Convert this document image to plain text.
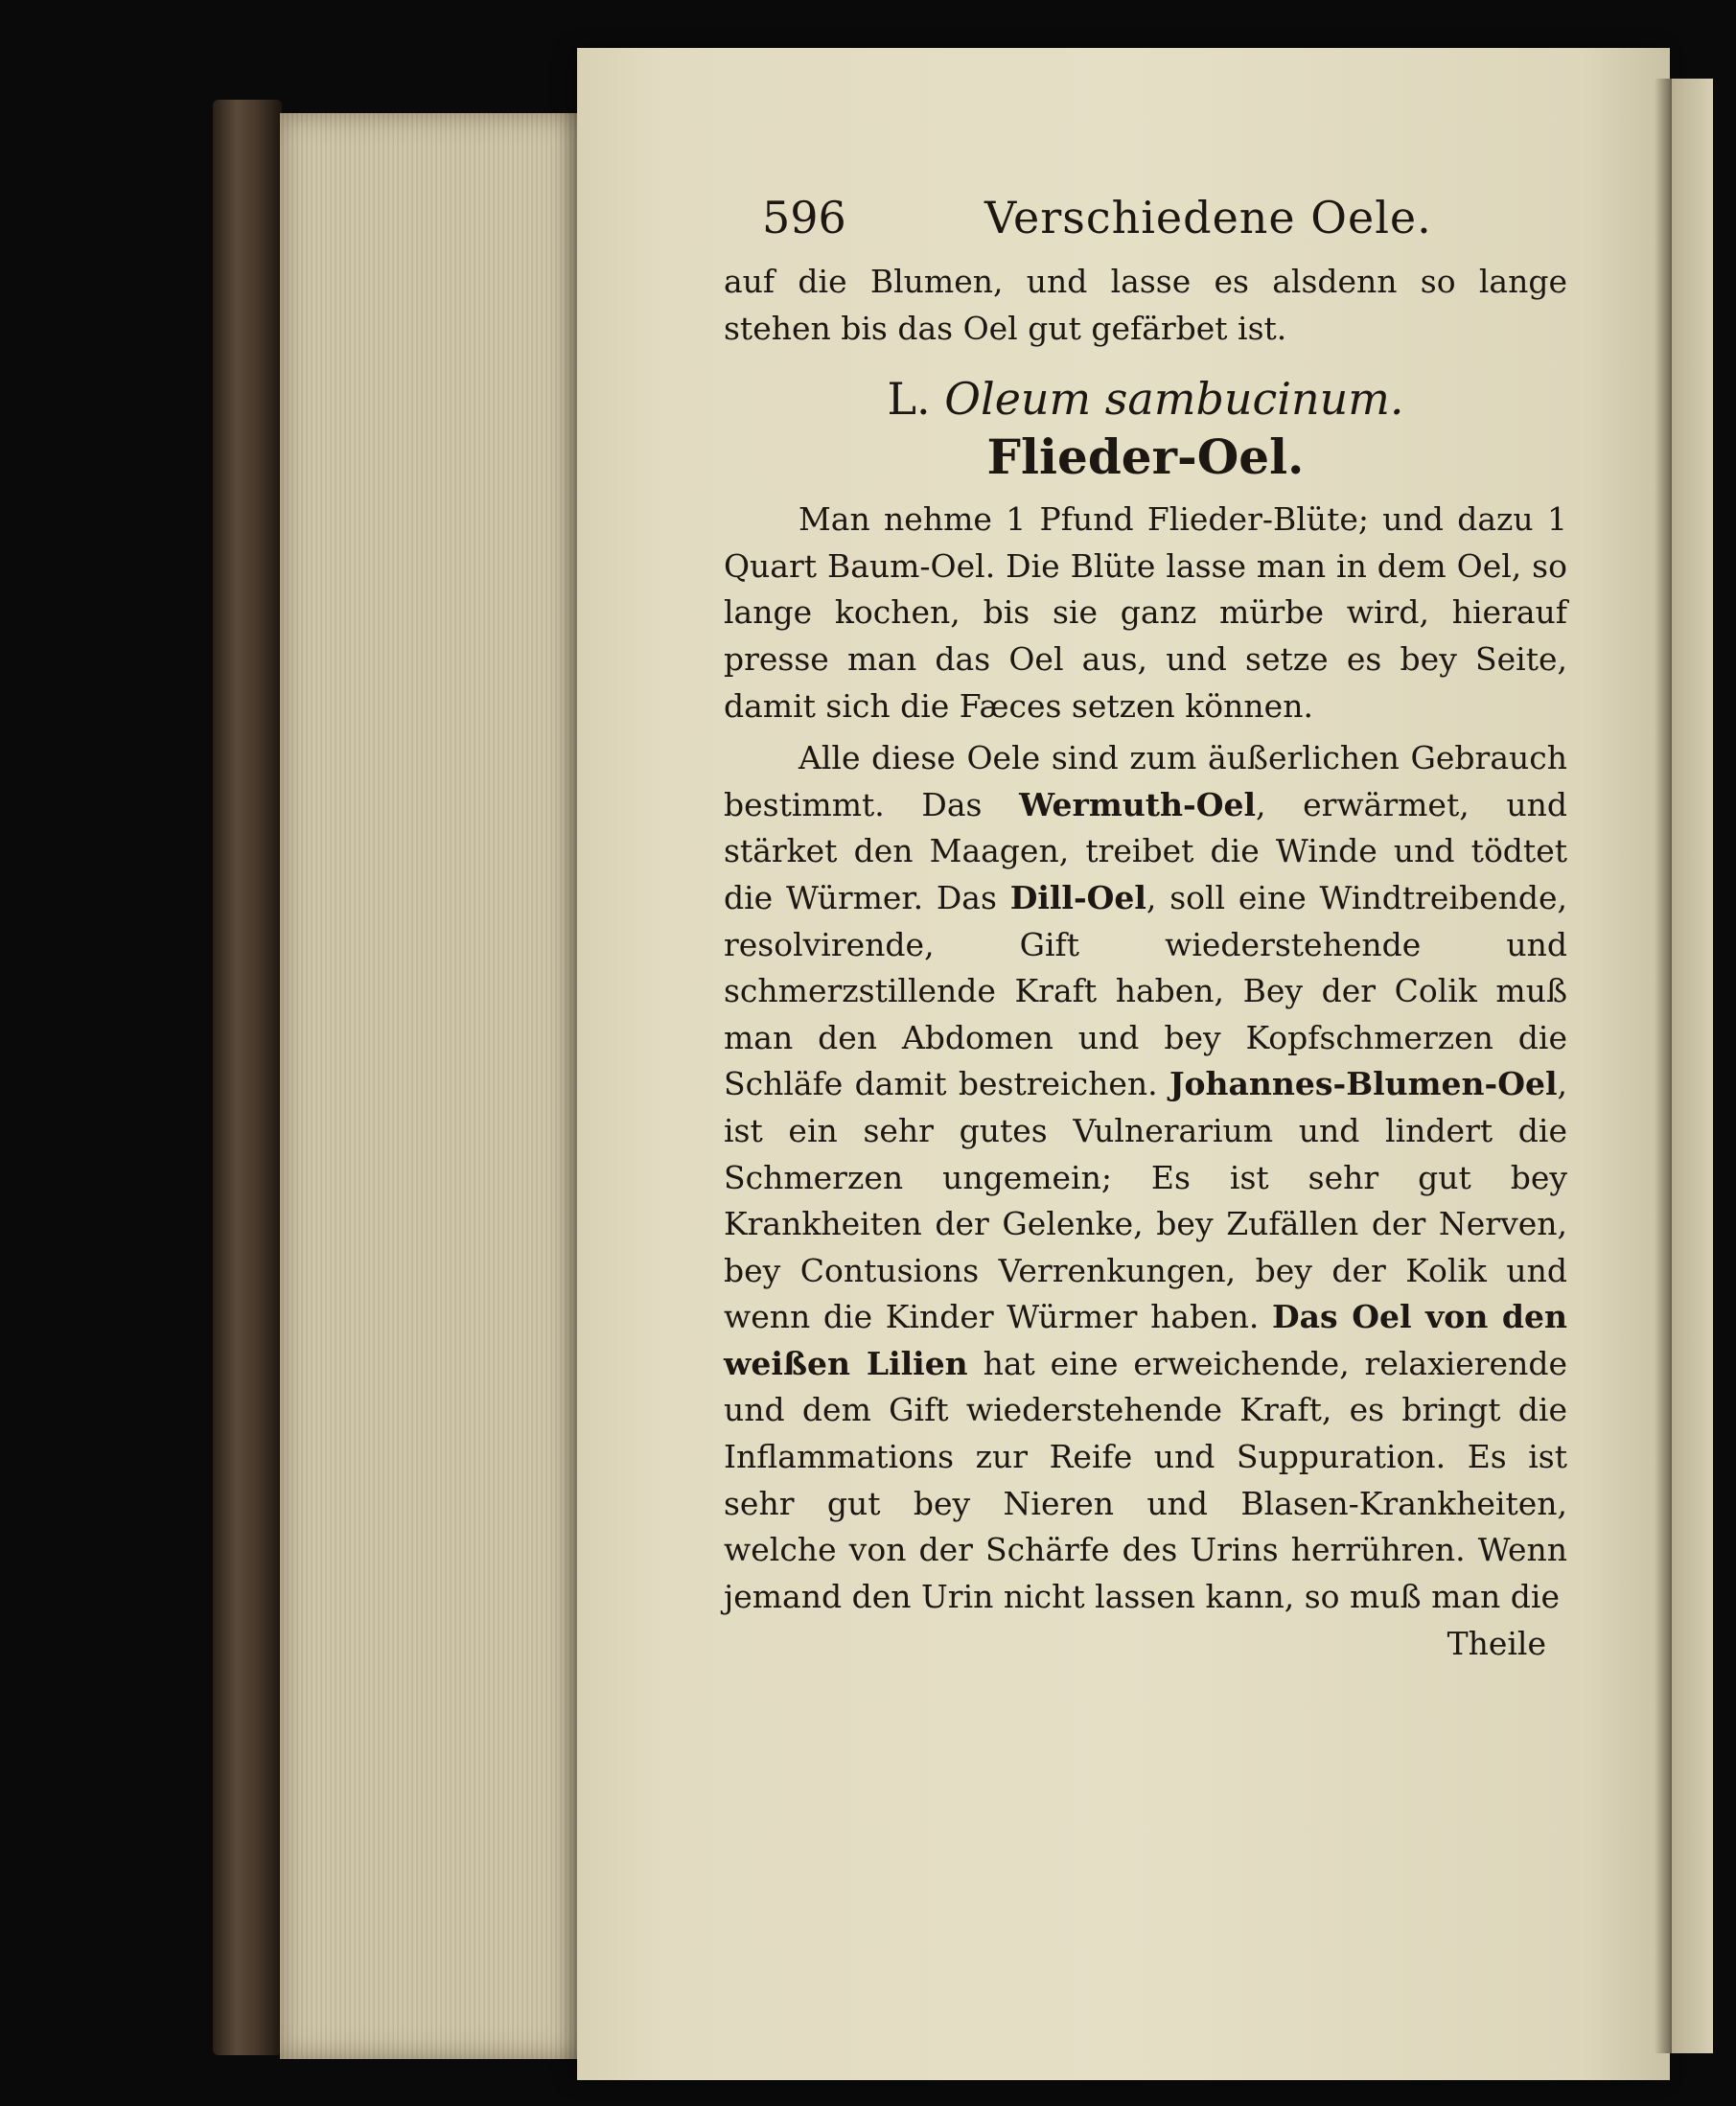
596	Verschiedene Oele.

auf die Blumen, und lasse es alsdenn so lange stehen bis das Oel gut gefärbet ist.

L. Oleum sambucinum.
Flieder-Oel.

Man nehme 1 Pfund Flieder-Blüte; und dazu 1 Quart Baum-Oel. Die Blüte lasse man in dem Oel, so lange kochen, bis sie ganz mürbe wird, hierauf presse man das Oel aus, und setze es bey Seite, damit sich die Fæces setzen können.

Alle diese Oele sind zum äußerlichen Gebrauch bestimmt. Das Wermuth-Oel, erwärmet, und stärket den Maagen, treibet die Winde und tödtet die Würmer. Das Dill-Oel, soll eine Windtreibende, resolvirende, Gift wiederstehende und schmerzstillende Kraft haben, Bey der Colik muß man den Abdomen und bey Kopfschmerzen die Schläfe damit bestreichen. Johannes-Blumen-Oel, ist ein sehr gutes Vulnerarium und lindert die Schmerzen ungemein; Es ist sehr gut bey Krankheiten der Gelenke, bey Zufällen der Nerven, bey Contusions Verrenkungen, bey der Kolik und wenn die Kinder Würmer haben. Das Oel von den weißen Lilien hat eine erweichende, relaxierende und dem Gift wiederstehende Kraft, es bringt die Inflammations zur Reife und Suppuration. Es ist sehr gut bey Nieren und Blasen-Krankheiten, welche von der Schärfe des Urins herrühren. Wenn jemand den Urin nicht lassen kann, so muß man die

Theile
